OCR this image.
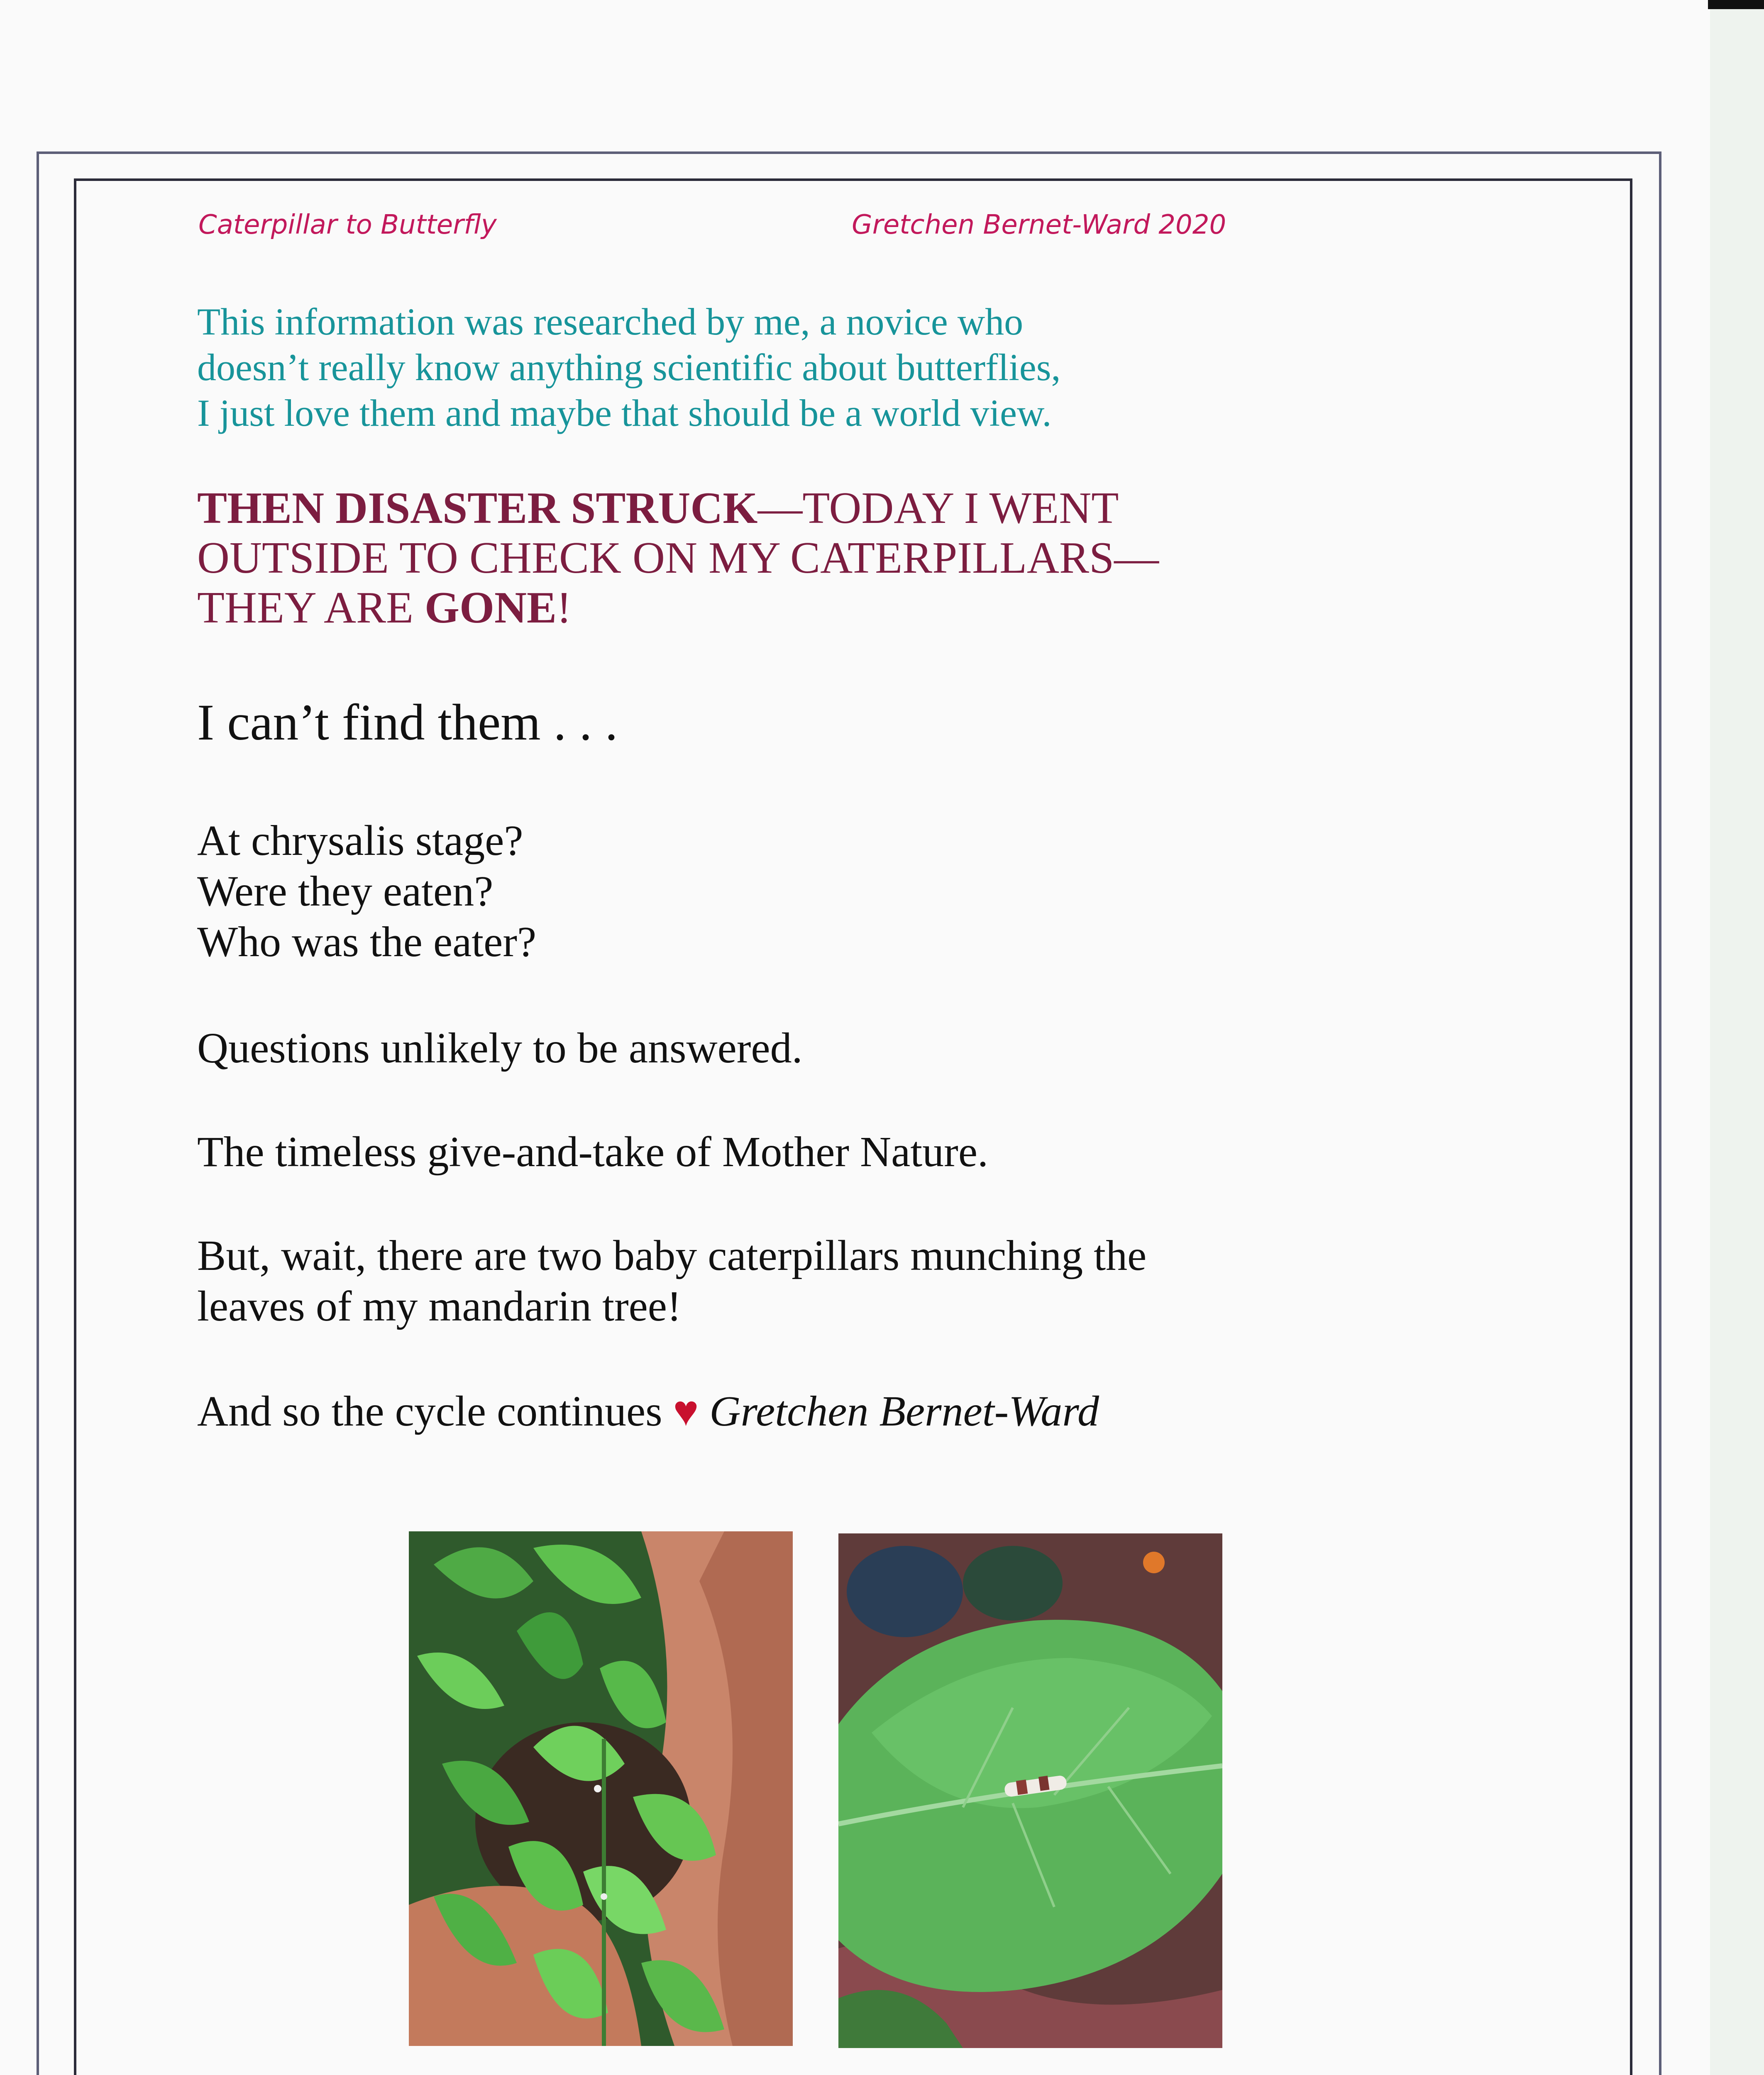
Caterpillar to Butterfly	Gretchen Bernet-Ward 2020
This information was researched by me, a novice who
doesn’t really know anything scientific about butterflies,
I just love them and maybe that should be a world view.
THEN DISASTER STRUCK—TODAY I WENT
OUTSIDE TO CHECK ON MY CATERPILLARS—
THEY ARE GONE!
I can’t find them . . .
At chrysalis stage?
Were they eaten?
Who was the eater?
Questions unlikely to be answered.
The timeless give-and-take of Mother Nature.
But, wait, there are two baby caterpillars munching the
leaves of my mandarin tree!
And so the cycle continues ♥ Gretchen Bernet-Ward
